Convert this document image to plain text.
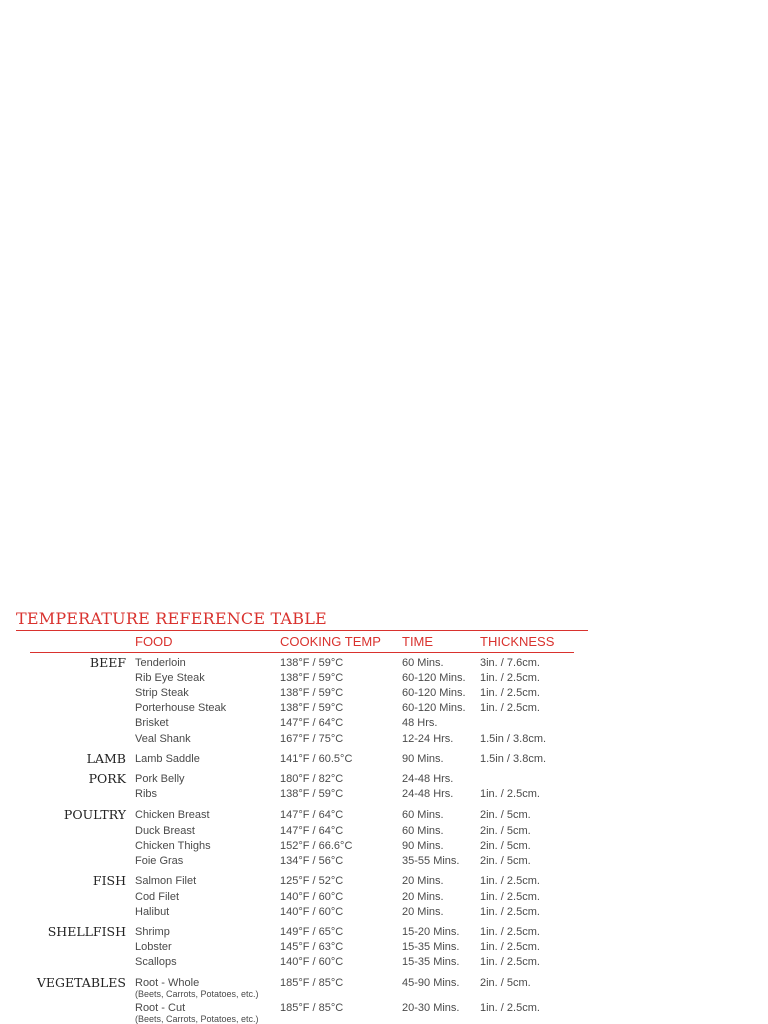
TEMPERATURE REFERENCE TABLE
FOOD	COOKING TEMP TIME	THICKNESS
BEEF Tenderloin	138°F / 59°C	60 Mins.	3in. / 7.6cm.
Rib Eye Steak	138°F / 59°C	60-120 Mins. 1in. / 2.5cm.
Strip Steak	138°F / 59°C	60-120 Mins. 1in. / 2.5cm.
Porterhouse Steak	138°F / 59°C	60-120 Mins. 1in. / 2.5cm.
Brisket	147°F / 64°C	48 Hrs.
Veal Shank	167°F / 75°C	12-24 Hrs. 1.5in / 3.8cm.
LAMB Lamb Saddle	141°F / 60.5°C	90 Mins.	1.5in / 3.8cm.
PORK Pork Belly	180°F / 82°C	24-48 Hrs.
Ribs	138°F / 59°C	24-48 Hrs. 1in. / 2.5cm.
POULTRY Chicken Breast	147°F / 64°C	60 Mins.	2in. / 5cm.
Duck Breast	147°F / 64°C	60 Mins.	2in. / 5cm.
Chicken Thighs	152°F / 66.6°C	90 Mins.	2in. / 5cm.
Foie Gras	134°F / 56°C	35-55 Mins. 2in. / 5cm.
FISH Salmon Filet	125°F / 52°C	20 Mins.	1in. / 2.5cm.
Cod Filet	140°F / 60°C	20 Mins.	1in. / 2.5cm.
Halibut	140°F / 60°C	20 Mins.	1in. / 2.5cm.
SHELLFISH Shrimp	149°F / 65°C	15-20 Mins. 1in. / 2.5cm.
Lobster	145°F / 63°C	15-35 Mins. 1in. / 2.5cm.
Scallops	140°F / 60°C	15-35 Mins. 1in. / 2.5cm.
VEGETABLES Root - Whole	185°F / 85°C	45-90 Mins. 2in. / 5cm.
(Beets, Carrots, Potatoes, etc.)
Root - Cut	185°F / 85°C	20-30 Mins. 1in. / 2.5cm.
(Beets, Carrots, Potatoes, etc.)
